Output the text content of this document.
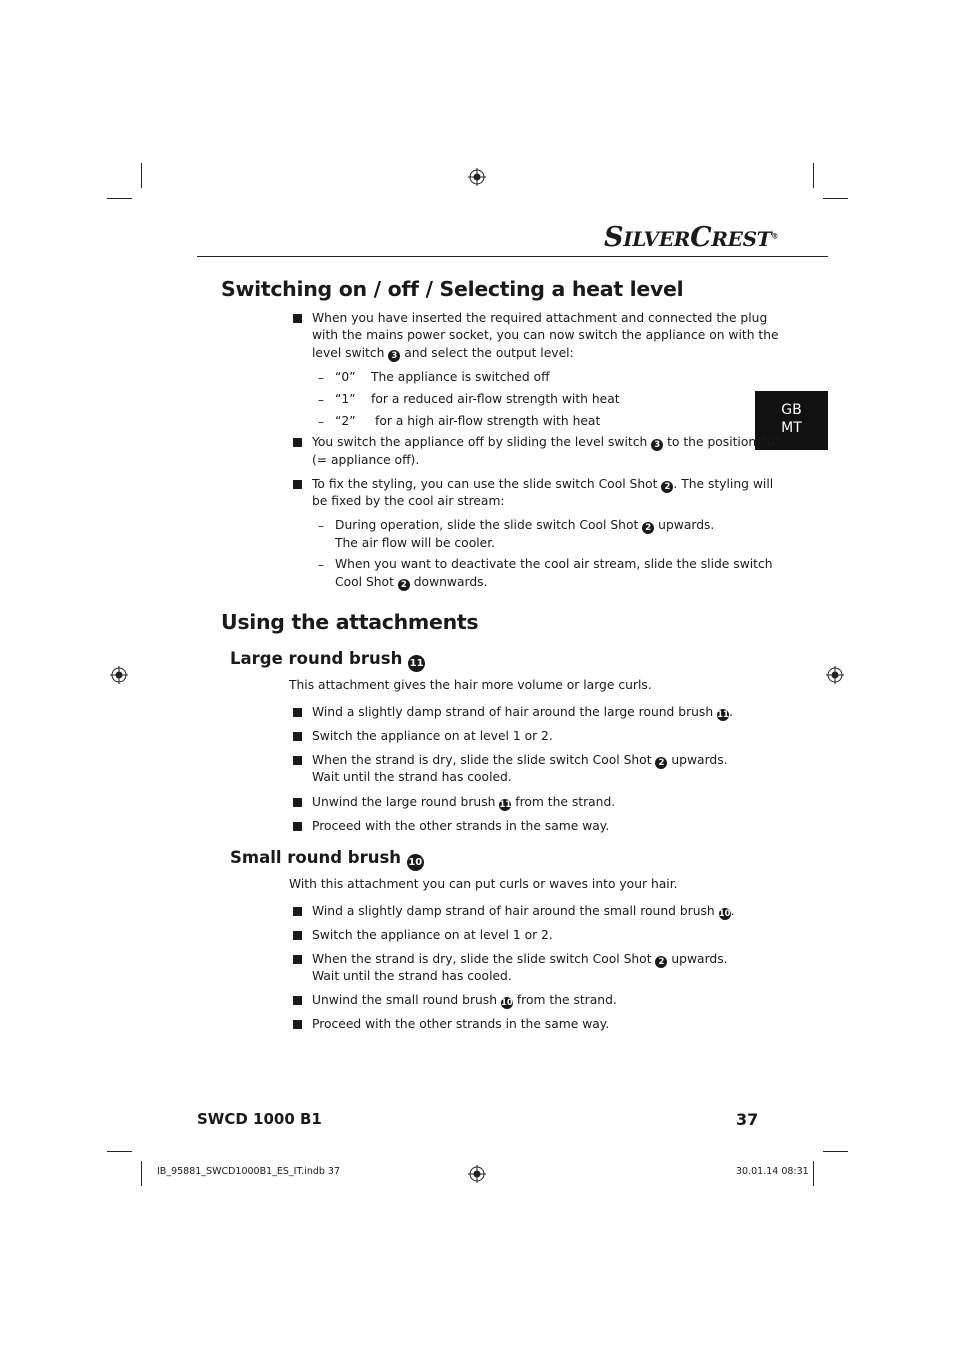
SILVERCREST®
GB
MT
Switching on / off / Selecting a heat level
When you have inserted the required attachment and connected the plug
with the mains power socket, you can now switch the appliance on with the
level switch 3 and select the output level:
– “0” The appliance is switched off
– “1” for a reduced air-flow strength with heat
– “2” for a high air-flow strength with heat
You switch the appliance off by sliding the level switch 3 to the position “0”
(= appliance off).
To fix the styling, you can use the slide switch Cool Shot 2 . The styling will
be fixed by the cool air stream:
– During operation, slide the slide switch Cool Shot 2 upwards.
The air flow will be cooler.
– When you want to deactivate the cool air stream, slide the slide switch
Cool Shot 2 downwards.
Using the attachments
Large round brush 11
This attachment gives the hair more volume or large curls.
Wind a slightly damp strand of hair around the large round brush 11.
Switch the appliance on at level 1 or 2.
When the strand is dry, slide the slide switch Cool Shot 2 upwards.
Wait until the strand has cooled.
Unwind the large round brush 11 from the strand.
Proceed with the other strands in the same way.
Small round brush 10
With this attachment you can put curls or waves into your hair.
Wind a slightly damp strand of hair around the small round brush 10.
Switch the appliance on at level 1 or 2.
When the strand is dry, slide the slide switch Cool Shot 2 upwards.
Wait until the strand has cooled.
Unwind the small round brush 10 from the strand.
Proceed with the other strands in the same way.
SWCD 1000 B1	37
IB_95881_SWCD1000B1_ES_IT.indb 37	30.01.14 08:31
